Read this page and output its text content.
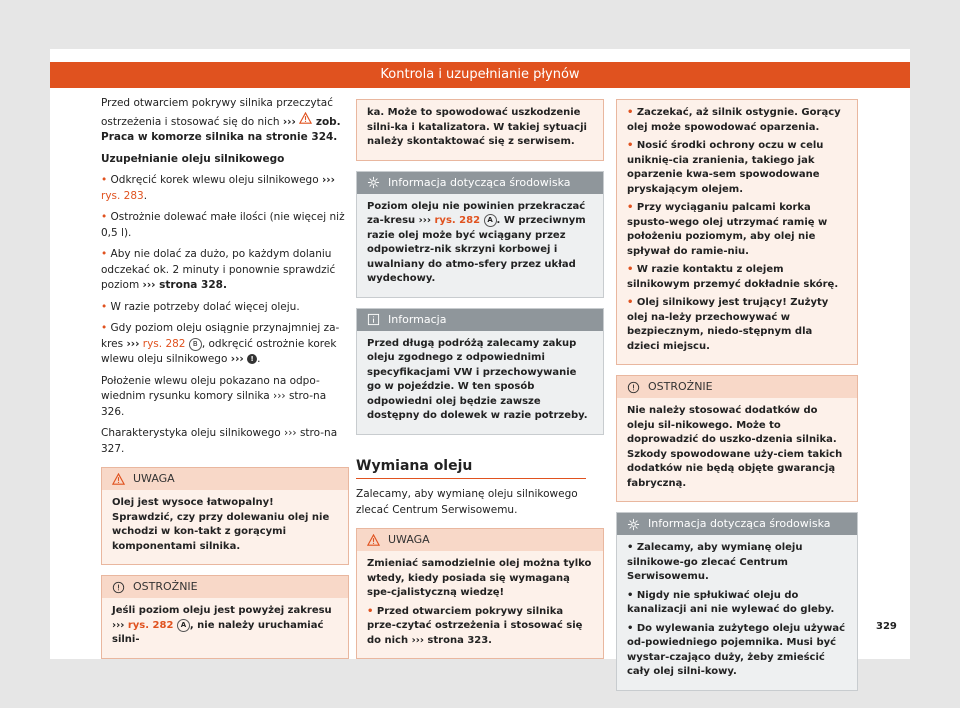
Kontrola i uzupełnianie płynów

Przed otwarciem pokrywy silnika przeczytać ostrzeżenia i stosować się do nich ›››  zob. Praca w komorze silnika na stronie 324.

Uzupełnianie oleju silnikowego

• Odkręcić korek wlewu oleju silnikowego ››› rys. 283.

• Ostrożnie dolewać małe ilości (nie więcej niż 0,5 l).

• Aby nie dolać za dużo, po każdym dolaniu odczekać ok. 2 minuty i ponownie sprawdzić poziom ››› strona 328.

• W razie potrzeby dolać więcej oleju.

• Gdy poziom oleju osiągnie przynajmniej za-kres ››› rys. 282 B , odkręcić ostrożnie korek wlewu oleju silnikowego ››› ! .

Położenie wlewu oleju pokazano na odpo-wiednim rysunku komory silnika ››› stro-na 326.

Charakterystyka oleju silnikowego ››› stro-na 327.

UWAGA

Olej jest wysoce łatwopalny! Sprawdzić, czy przy dolewaniu olej nie wchodzi w kon-takt z gorącymi komponentami silnika.

OSTROŻNIE

Jeśli poziom oleju jest powyżej zakresu ››› rys. 282 A , nie należy uruchamiać silni-

ka. Może to spowodować uszkodzenie silni-ka i katalizatora. W takiej sytuacji należy skontaktować się z serwisem.

Informacja dotycząca środowiska

Poziom oleju nie powinien przekraczać za-kresu ››› rys. 282 A . W przeciwnym razie olej może być wciągany przez odpowietrz-nik skrzyni korbowej i uwalniany do atmo-sfery przez układ wydechowy.

Informacja

Przed długą podróżą zalecamy zakup oleju zgodnego z odpowiednimi specyfikacjami VW i przechowywanie go w pojeździe. W ten sposób odpowiedni olej będzie zawsze dostępny do dolewek w razie potrzeby.

Wymiana oleju

Zalecamy, aby wymianę oleju silnikowego zlecać Centrum Serwisowemu.

UWAGA

Zmieniać samodzielnie olej można tylko wtedy, kiedy posiada się wymaganą spe-cjalistyczną wiedzę!

• Przed otwarciem pokrywy silnika prze-czytać ostrzeżenia i stosować się do nich ››› strona 323.

• Zaczekać, aż silnik ostygnie. Gorący olej może spowodować oparzenia.

• Nosić środki ochrony oczu w celu uniknię-cia zranienia, takiego jak oparzenie kwa-sem spowodowane pryskającym olejem.

• Przy wyciąganiu palcami korka spusto-wego olej utrzymać ramię w położeniu poziomym, aby olej nie spływał do ramie-niu.

• W razie kontaktu z olejem silnikowym przemyć dokładnie skórę.

• Olej silnikowy jest trujący! Zużyty olej na-leży przechowywać w bezpiecznym, niedo-stępnym dla dzieci miejscu.

OSTROŻNIE

Nie należy stosować dodatków do oleju sil-nikowego. Może to doprowadzić do uszko-dzenia silnika. Szkody spowodowane uży-ciem takich dodatków nie będą objęte gwarancją fabryczną.

Informacja dotycząca środowiska

• Zalecamy, aby wymianę oleju silnikowe-go zlecać Centrum Serwisowemu.

• Nigdy nie spłukiwać oleju do kanalizacji ani nie wylewać do gleby.

• Do wylewania zużytego oleju używać od-powiedniego pojemnika. Musi być wystar-czająco duży, żeby zmieścić cały olej silni-kowy.

329
